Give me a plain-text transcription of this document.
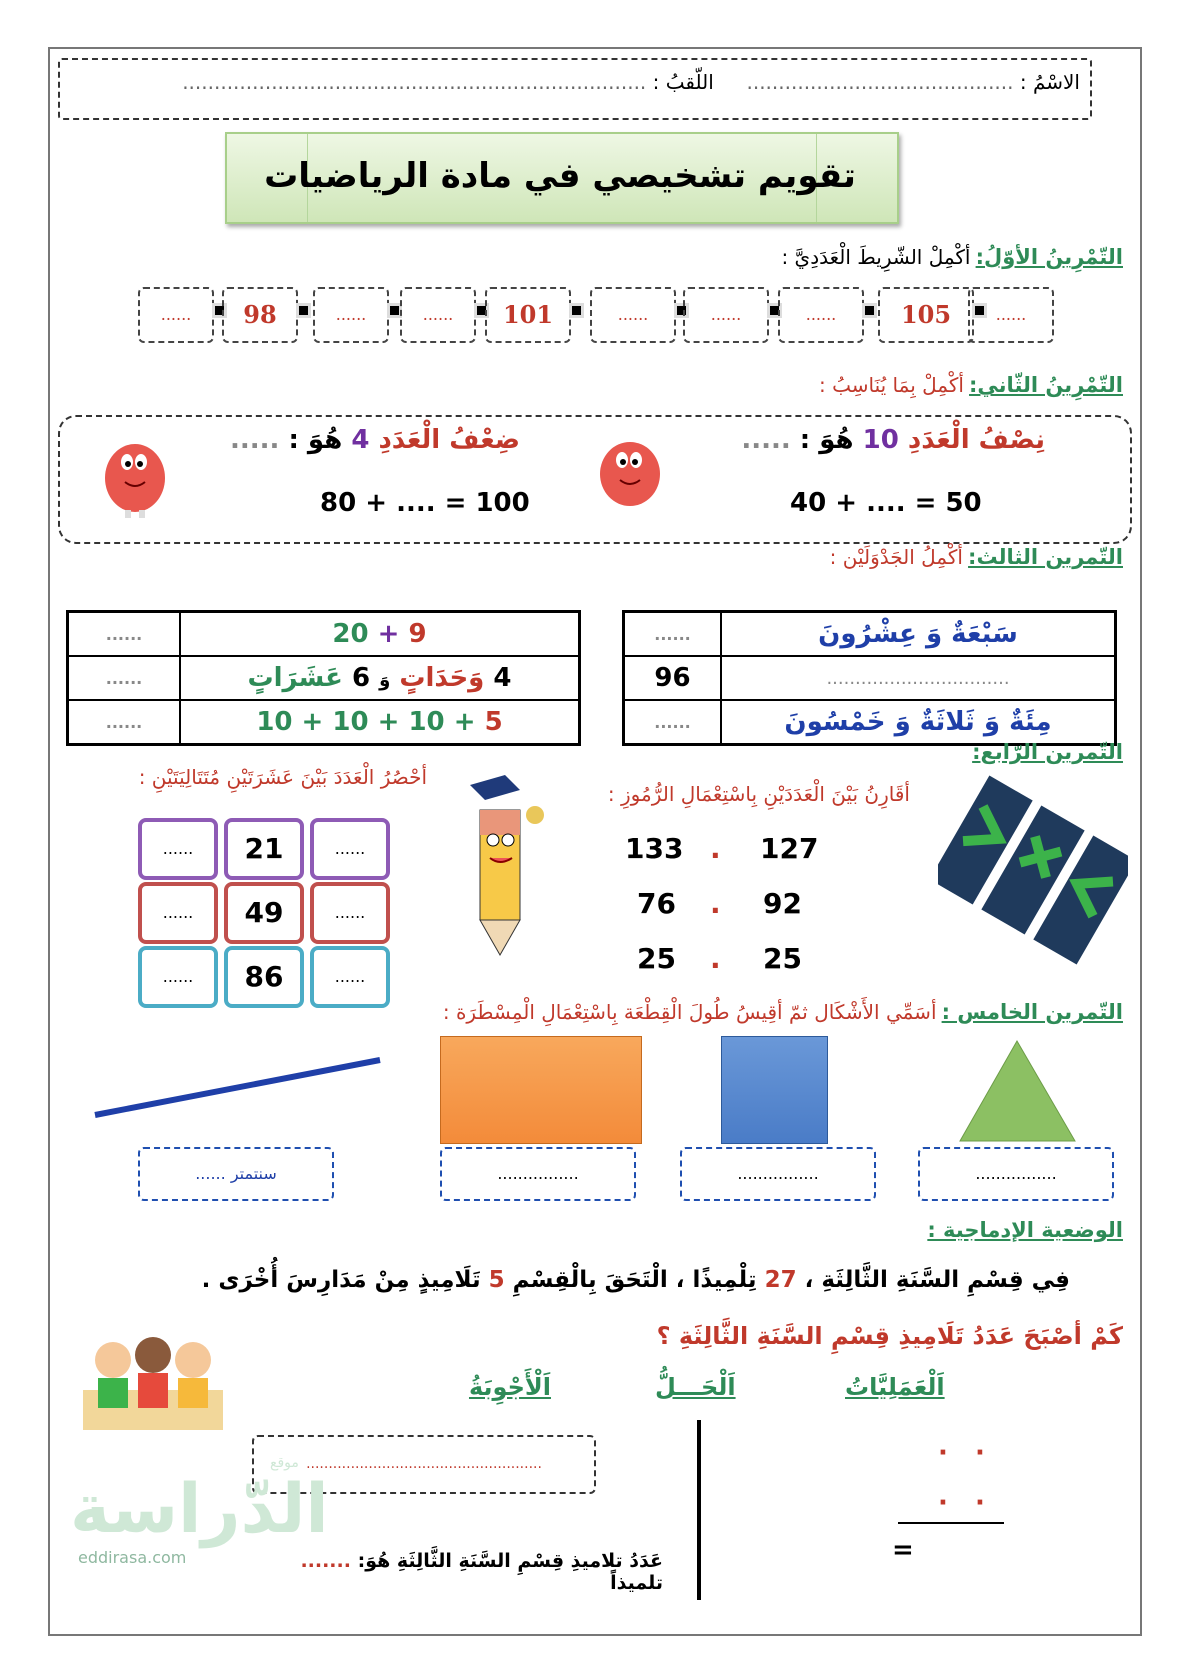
الاسْمُ : ..........................................  اللّقبُ : .........................................................................
تقويم تشخيصي في مادة الرياضيات
التّمْرِينُ الأوّلُ: أكْمِلْ الشّرِيطَ الْعَدَدِيَّ :
......	98	......	......	101	......	......	......	105	......
التّمْرِينُ الثّاني: أكْمِلْ بِمَا يُنَاسِبُ :
نِصْفُ الْعَدَدِ 10 هُوَ : .....
40 + .... = 50
ضِعْفُ الْعَدَدِ 4 هُوَ : .....
80 + .... = 100
التّمرين الثالث: أكْمِلُ الجَدْوَلَيْن :
سَبْعَةٌ وَ عِشْرُونَ	......
................................	96
مِئَةٌ وَ ثَلاثَةٌ وَ خَمْسُونَ	......
20 + 9	......
4 وَحَدَاتٍ وَ 6 عَشَرَاتٍ	......
10 + 10 + 10 + 5	......
التّمرين الرّابع:
أقَارِنُ بَيْنَ الْعَدَدَيْنِ بِاسْتِعْمَالِ الرُّمُوزِ :
أحْصُرُ الْعَدَدَ بَيْنَ عَشَرَتَيْنِ مُتَتَالِيَتَيْنِ :
133 . 127
76 . 92
25 . 25
......	21	......
......	49	......
......	86	......
التّمرين الخامس : أسَمِّي الأَشْكَال ثمّ أقِيسُ طُولَ الْقِطْعَة بِاسْتِعْمَالِ الْمِسْطَرَة :
...... سنتمتر	................	................	................
الوضعية الإدماجية :
فِي قِسْمِ السَّنَةِ الثَّالِثَةِ ، 27 تِلْمِيذًا ، الْتَحَقَ بِالْقِسْمِ 5 تَلَامِيذٍ مِنْ مَدَارِسَ أُخْرَى .
كَمْ أصْبَحَ عَدَدُ تَلَامِيذِ قِسْمِ السَّنَةِ الثَّالِثَةِ ؟
اَلْعَمَلِيَّاتُ
اَلْحَـــلُّ
اَلْأَجْوِبَةُ
·   ·
·   ·
=
.....................................................
عَدَدُ تلاميذِ قِسْمِ السَّنَةِ الثَّالِثَةِ هُوَ: ....... تلميذاً
الدّراسة
موقع
eddirasa.com
